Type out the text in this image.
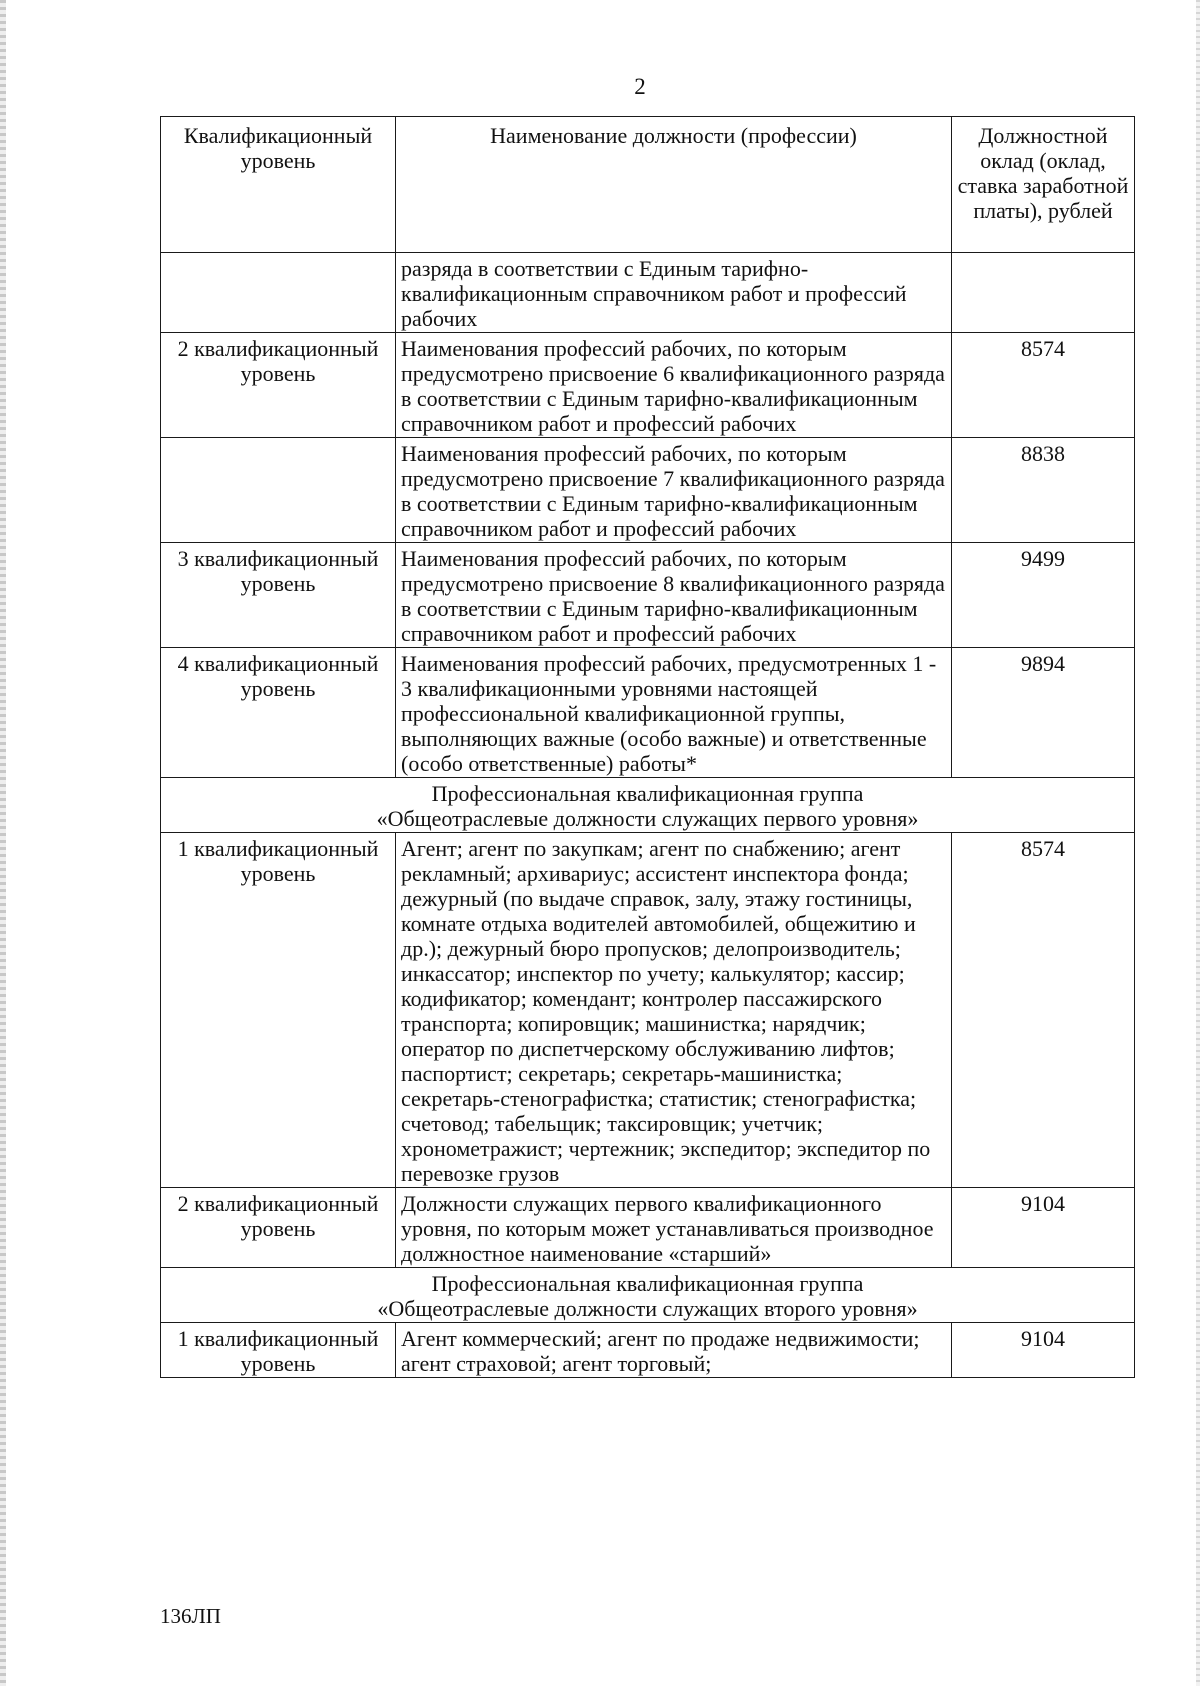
2
Квалификационный уровень	Наименование должности (профессии)	Должностной оклад (оклад, ставка заработной платы), рублей
	разряда в соответствии с Единым тарифно-квалификационным справочником работ и профессий рабочих	
2 квалификационный уровень	Наименования профессий рабочих, по которым предусмотрено присвоение 6 квалификационного разряда в соответствии с Единым тарифно-квалификационным справочником работ и профессий рабочих	8574
	Наименования профессий рабочих, по которым предусмотрено присвоение 7 квалификационного разряда в соответствии с Единым тарифно-квалификационным справочником работ и профессий рабочих	8838
3 квалификационный уровень	Наименования профессий рабочих, по которым предусмотрено присвоение 8 квалификационного разряда в соответствии с Единым тарифно-квалификационным справочником работ и профессий рабочих	9499
4 квалификационный уровень	Наименования профессий рабочих, предусмотренных 1 - 3 квалификационными уровнями настоящей профессиональной квалификационной группы, выполняющих важные (особо важные) и ответственные (особо ответственные) работы*	9894

Профессиональная квалификационная группа
«Общеотраслевые должности служащих первого уровня»		

1 квалификационный уровень	Агент; агент по закупкам; агент по снабжению; агент рекламный; архивариус; ассистент инспектора фонда; дежурный (по выдаче справок, залу, этажу гостиницы, комнате отдыха водителей автомобилей, общежитию и др.); дежурный бюро пропусков; делопроизводитель; инкассатор; инспектор по учету; калькулятор; кассир; кодификатор; комендант; контролер пассажирского транспорта; копировщик; машинистка; нарядчик; оператор по диспетчерскому обслуживанию лифтов; паспортист; секретарь; секретарь-машинистка; секретарь-стенографистка; статистик; стенографистка; счетовод; табельщик; таксировщик; учетчик; хронометражист; чертежник; экспедитор; экспедитор по перевозке грузов	8574
2 квалификационный уровень	Должности служащих первого квалификационного уровня, по которым может устанавливаться производное должностное наименование «старший»	9104

Профессиональная квалификационная группа
«Общеотраслевые должности служащих второго уровня»		

1 квалификационный уровень	Агент коммерческий; агент по продаже недвижимости; агент страховой; агент торговый;	9104
136ЛП
